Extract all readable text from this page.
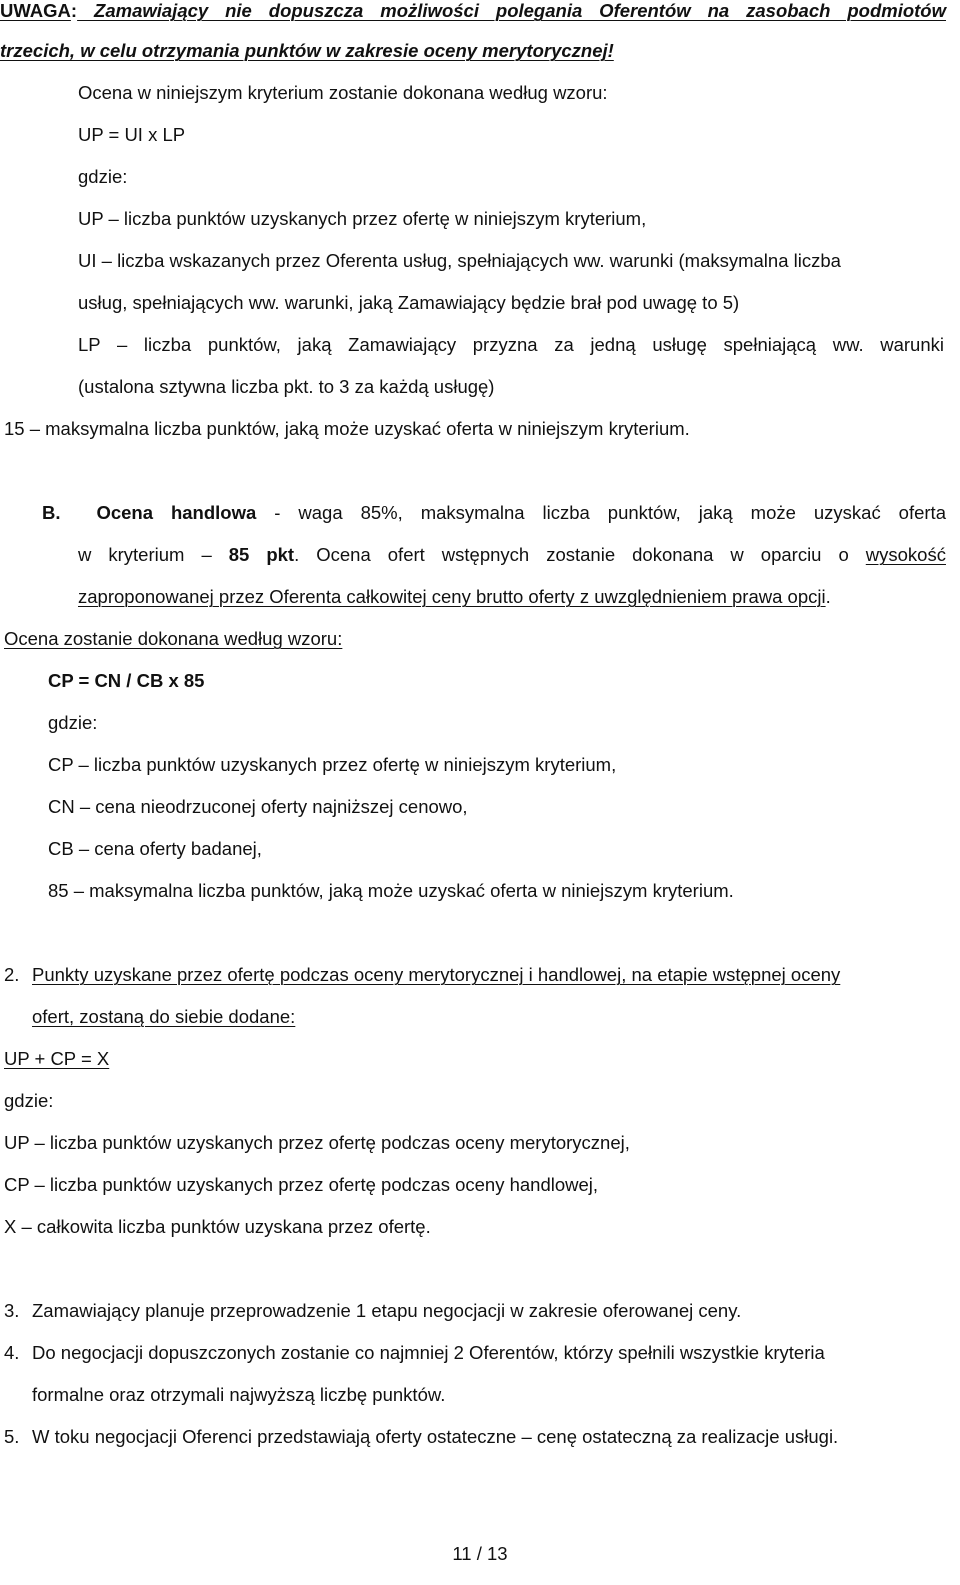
UWAGA: Zamawiający nie dopuszcza możliwości polegania Oferentów na zasobach podmiotów
trzecich, w celu otrzymania punktów w zakresie oceny merytorycznej!
Ocena w niniejszym kryterium zostanie dokonana według wzoru:
UP = UI x LP
gdzie:
UP – liczba punktów uzyskanych przez ofertę w niniejszym kryterium,
UI – liczba wskazanych przez Oferenta usług, spełniających ww. warunki (maksymalna liczba
usług, spełniających ww. warunki, jaką Zamawiający będzie brał pod uwagę to 5)
LP – liczba punktów, jaką Zamawiający przyzna za jedną usługę spełniającą ww. warunki
(ustalona sztywna liczba pkt. to 3 za każdą usługę)
15 – maksymalna liczba punktów, jaką może uzyskać oferta w niniejszym kryterium.
B. Ocena handlowa - waga 85%, maksymalna liczba punktów, jaką może uzyskać oferta
w kryterium – 85 pkt. Ocena ofert wstępnych zostanie dokonana w oparciu o wysokość
zaproponowanej przez Oferenta całkowitej ceny brutto oferty z uwzględnieniem prawa opcji.
Ocena zostanie dokonana według wzoru:
CP = CN / CB x 85
gdzie:
CP – liczba punktów uzyskanych przez ofertę w niniejszym kryterium,
CN – cena nieodrzuconej oferty najniższej cenowo,
CB – cena oferty badanej,
85 – maksymalna liczba punktów, jaką może uzyskać oferta w niniejszym kryterium.
2. Punkty uzyskane przez ofertę podczas oceny merytorycznej i handlowej, na etapie wstępnej oceny
ofert, zostaną do siebie dodane:
UP + CP = X
gdzie:
UP – liczba punktów uzyskanych przez ofertę podczas oceny merytorycznej,
CP – liczba punktów uzyskanych przez ofertę podczas oceny handlowej,
X – całkowita liczba punktów uzyskana przez ofertę.
3. Zamawiający planuje przeprowadzenie 1 etapu negocjacji w zakresie oferowanej ceny.
4. Do negocjacji dopuszczonych zostanie co najmniej 2 Oferentów, którzy spełnili wszystkie kryteria
formalne oraz otrzymali najwyższą liczbę punktów.
5. W toku negocjacji Oferenci przedstawiają oferty ostateczne – cenę ostateczną za realizacje usługi.
11 / 13
